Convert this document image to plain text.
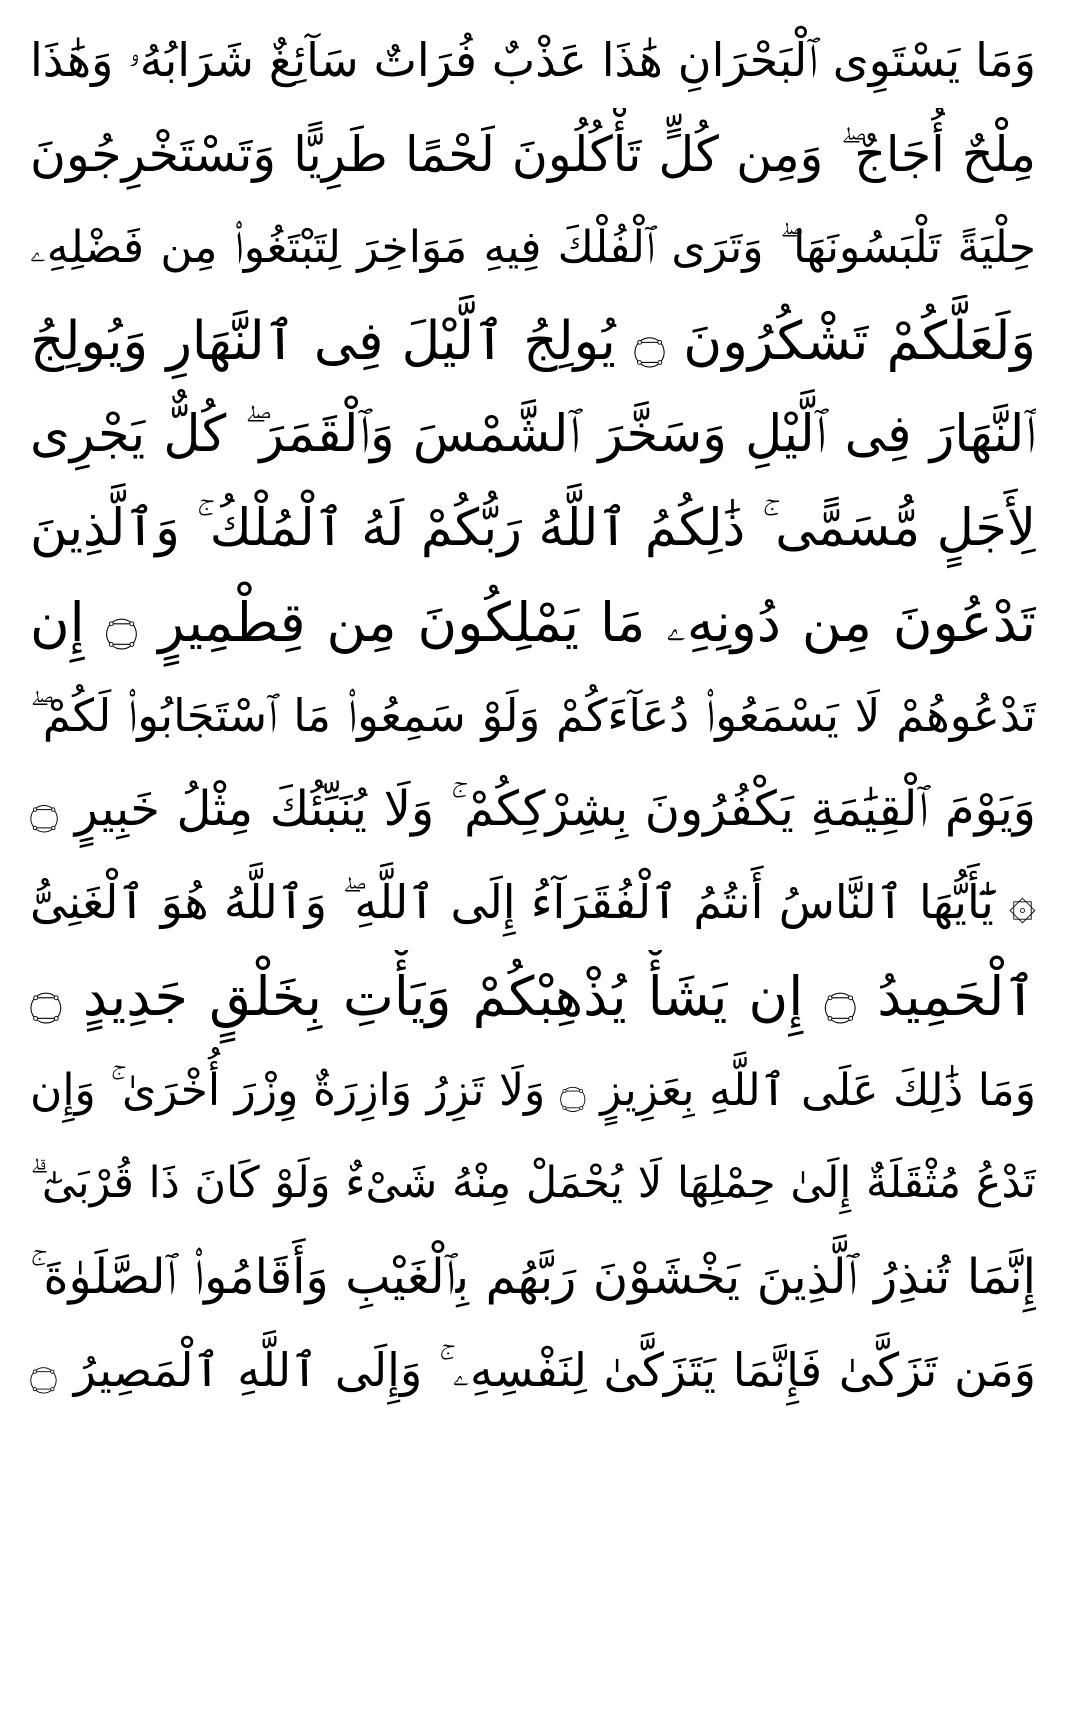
وَمَا يَسْتَوِى ٱلْبَحْرَانِ هَٰذَا عَذْبٌ فُرَاتٌ سَآئِغٌ شَرَابُهُۥ وَهَٰذَا
مِلْحٌ أُجَاجٌ ۖ وَمِن كُلٍّ تَأْكُلُونَ لَحْمًا طَرِيًّا وَتَسْتَخْرِجُونَ
حِلْيَةً تَلْبَسُونَهَا ۖ وَتَرَى ٱلْفُلْكَ فِيهِ مَوَاخِرَ لِتَبْتَغُوا۟ مِن فَضْلِهِۦ
وَلَعَلَّكُمْ تَشْكُرُونَ ۝ يُولِجُ ٱلَّيْلَ فِى ٱلنَّهَارِ وَيُولِجُ
ٱلنَّهَارَ فِى ٱلَّيْلِ وَسَخَّرَ ٱلشَّمْسَ وَٱلْقَمَرَ ۖ كُلٌّ يَجْرِى
لِأَجَلٍ مُّسَمًّى ۚ ذَٰلِكُمُ ٱللَّهُ رَبُّكُمْ لَهُ ٱلْمُلْكُ ۚ وَٱلَّذِينَ
تَدْعُونَ مِن دُونِهِۦ مَا يَمْلِكُونَ مِن قِطْمِيرٍ ۝ إِن
تَدْعُوهُمْ لَا يَسْمَعُوا۟ دُعَآءَكُمْ وَلَوْ سَمِعُوا۟ مَا ٱسْتَجَابُوا۟ لَكُمْ ۖ
وَيَوْمَ ٱلْقِيَٰمَةِ يَكْفُرُونَ بِشِرْكِكُمْ ۚ وَلَا يُنَبِّئُكَ مِثْلُ خَبِيرٍ ۝
۞ يَٰٓأَيُّهَا ٱلنَّاسُ أَنتُمُ ٱلْفُقَرَآءُ إِلَى ٱللَّهِ ۖ وَٱللَّهُ هُوَ ٱلْغَنِىُّ
ٱلْحَمِيدُ ۝ إِن يَشَأْ يُذْهِبْكُمْ وَيَأْتِ بِخَلْقٍ جَدِيدٍ ۝
وَمَا ذَٰلِكَ عَلَى ٱللَّهِ بِعَزِيزٍ ۝ وَلَا تَزِرُ وَازِرَةٌ وِزْرَ أُخْرَىٰ ۚ وَإِن
تَدْعُ مُثْقَلَةٌ إِلَىٰ حِمْلِهَا لَا يُحْمَلْ مِنْهُ شَىْءٌ وَلَوْ كَانَ ذَا قُرْبَىٰٓ ۗ
إِنَّمَا تُنذِرُ ٱلَّذِينَ يَخْشَوْنَ رَبَّهُم بِٱلْغَيْبِ وَأَقَامُوا۟ ٱلصَّلَوٰةَ ۚ
وَمَن تَزَكَّىٰ فَإِنَّمَا يَتَزَكَّىٰ لِنَفْسِهِۦ ۚ وَإِلَى ٱللَّهِ ٱلْمَصِيرُ ۝
